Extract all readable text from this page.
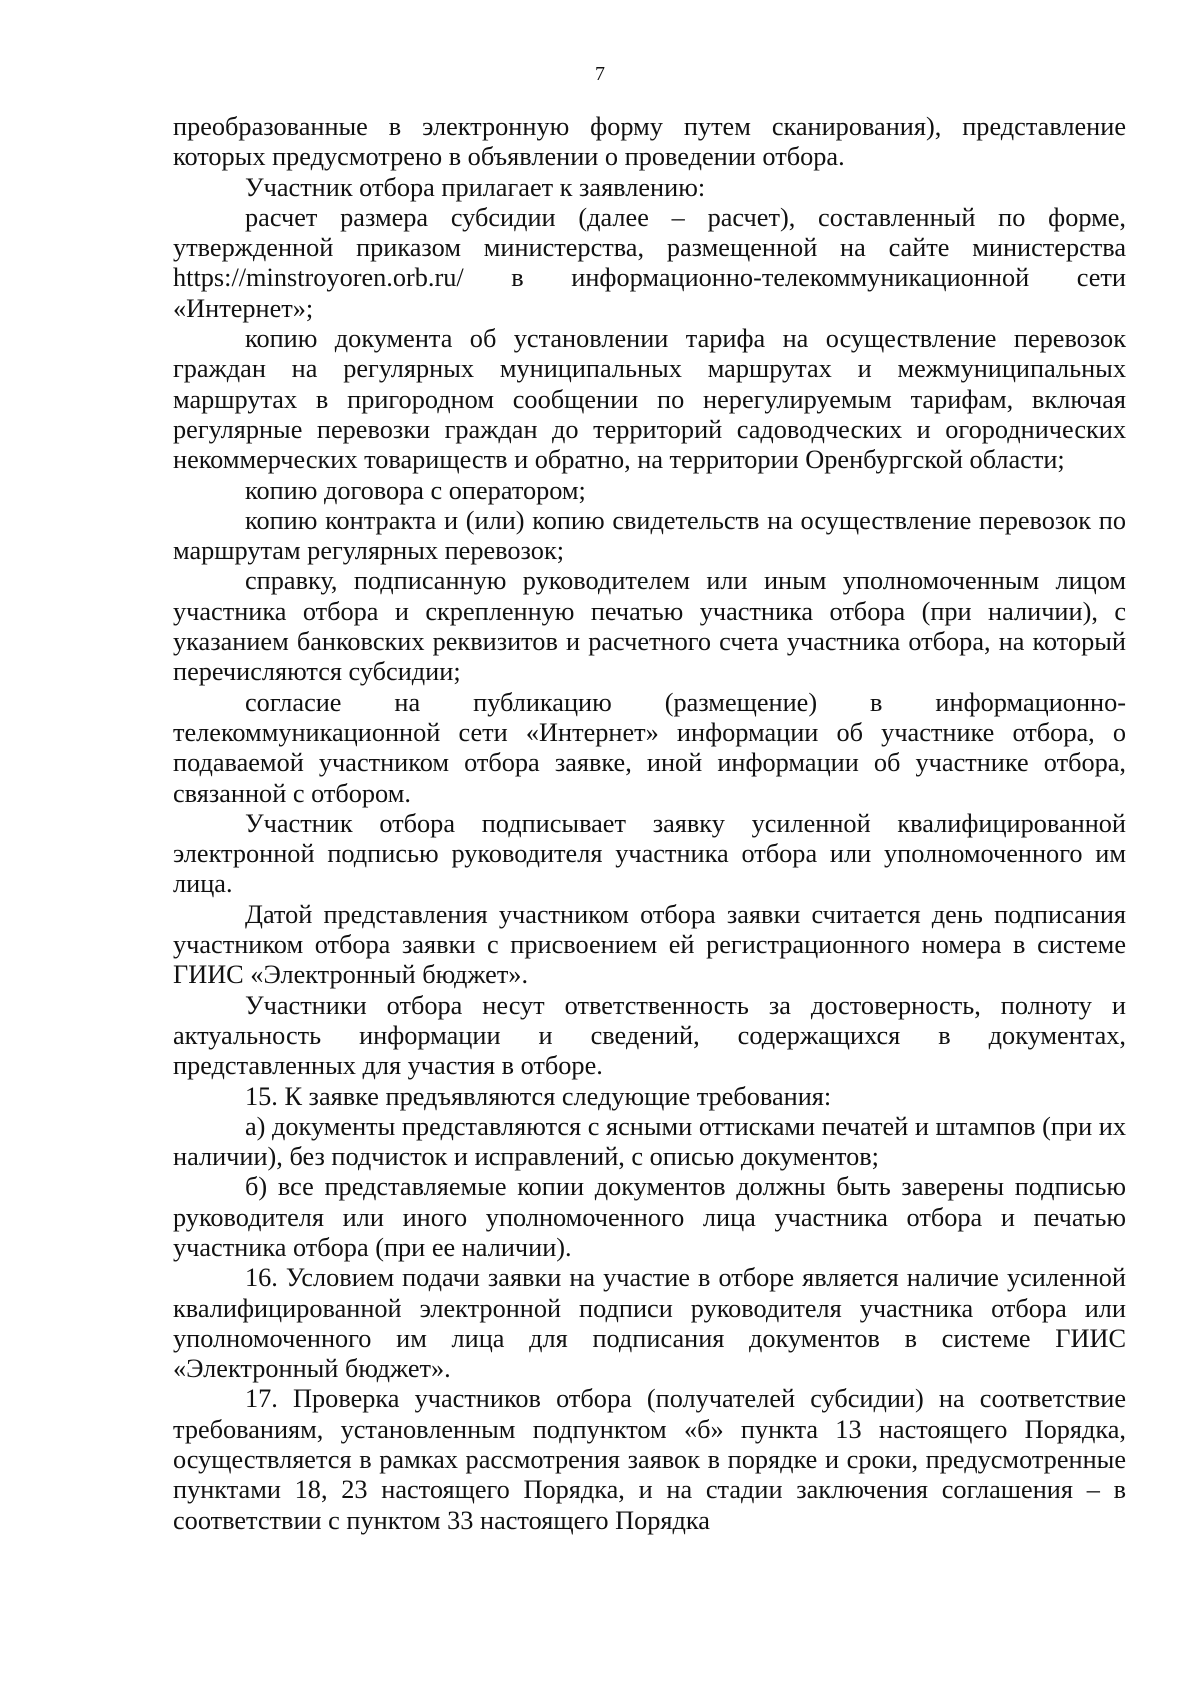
7

преобразованные в электронную форму путем сканирования), представление которых предусмотрено в объявлении о проведении отбора.

Участник отбора прилагает к заявлению:

расчет размера субсидии (далее – расчет), составленный по форме, утвержденной приказом министерства, размещенной на сайте министерства https://minstroyoren.orb.ru/ в информационно-телекоммуникационной сети «Интернет»;

копию документа об установлении тарифа на осуществление перевозок граждан на регулярных муниципальных маршрутах и межмуниципальных маршрутах в пригородном сообщении по нерегулируемым тарифам, включая регулярные перевозки граждан до территорий садоводческих и огороднических некоммерческих товариществ и обратно, на территории Оренбургской области;

копию договора с оператором;

копию контракта и (или) копию свидетельств на осуществление перевозок по маршрутам регулярных перевозок;

справку, подписанную руководителем или иным уполномоченным лицом участника отбора и скрепленную печатью участника отбора (при наличии), с указанием банковских реквизитов и расчетного счета участника отбора, на который перечисляются субсидии;

согласие на публикацию (размещение) в информационно-телекоммуникационной сети «Интернет» информации об участнике отбора, о подаваемой участником отбора заявке, иной информации об участнике отбора, связанной с отбором.

Участник отбора подписывает заявку усиленной квалифицированной электронной подписью руководителя участника отбора или уполномоченного им лица.

Датой представления участником отбора заявки считается день подписания участником отбора заявки с присвоением ей регистрационного номера в системе ГИИС «Электронный бюджет».

Участники отбора несут ответственность за достоверность, полноту и актуальность информации и сведений, содержащихся в документах, представленных для участия в отборе.

15. К заявке предъявляются следующие требования:

а) документы представляются с ясными оттисками печатей и штампов (при их наличии), без подчисток и исправлений, с описью документов;

б) все представляемые копии документов должны быть заверены подписью руководителя или иного уполномоченного лица участника отбора и печатью участника отбора (при ее наличии).

16. Условием подачи заявки на участие в отборе является наличие усиленной квалифицированной электронной подписи руководителя участника отбора или уполномоченного им лица для подписания документов в системе ГИИС «Электронный бюджет».

17. Проверка участников отбора (получателей субсидии) на соответствие требованиям, установленным подпунктом «б» пункта 13 настоящего Порядка, осуществляется в рамках рассмотрения заявок в порядке и сроки, предусмотренные пунктами 18, 23 настоящего Порядка, и на стадии заключения соглашения – в соответствии с пунктом 33 настоящего Порядка
